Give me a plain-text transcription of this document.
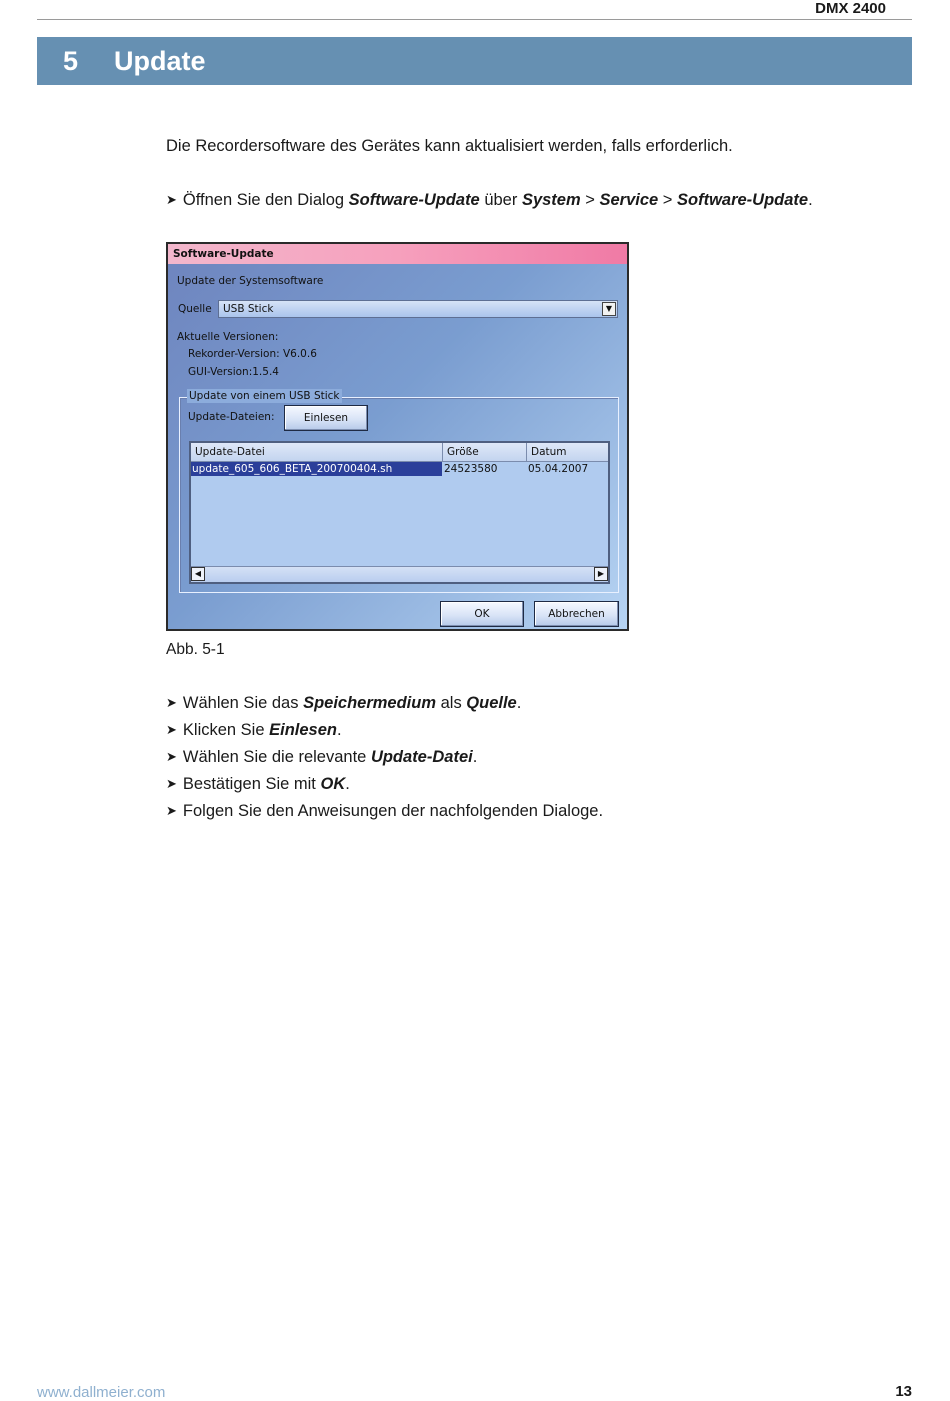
DMX 2400
5 Update
Die Recordersoftware des Gerätes kann aktualisiert werden, falls erforderlich.
➤ Öffnen Sie den Dialog Software-Update über System > Service > Software-Update.
Software-Update
Update der Systemsoftware
Quelle	USB Stick	▼
Aktuelle Versionen:
Rekorder-Version: V6.0.6
GUI-Version:1.5.4
Update von einem USB Stick
Update-Dateien:	Einlesen
Update-Datei	Größe	Datum
update_605_606_BETA_200700404.sh	24523580	05.04.2007
◀	▶
OK	Abbrechen
Abb. 5-1
➤ Wählen Sie das Speichermedium als Quelle.
➤ Klicken Sie Einlesen.
➤ Wählen Sie die relevante Update-Datei.
➤ Bestätigen Sie mit OK.
➤ Folgen Sie den Anweisungen der nachfolgenden Dialoge.
www.dallmeier.com	13
